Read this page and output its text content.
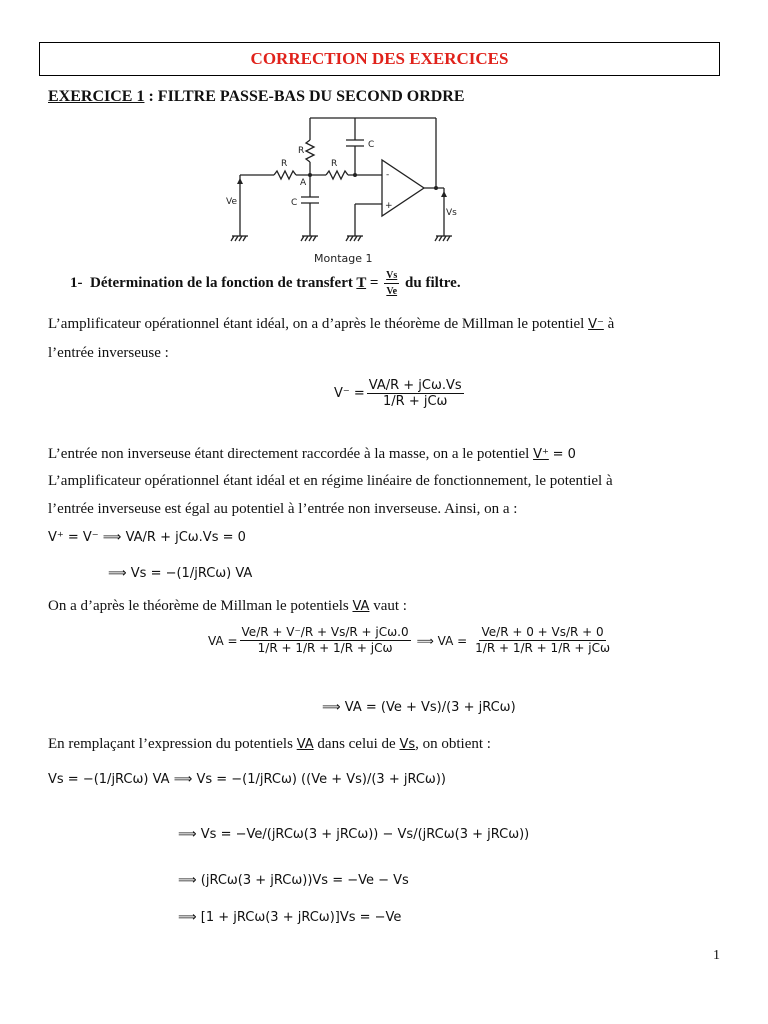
CORRECTION DES EXERCICES
EXERCICE 1 : FILTRE PASSE-BAS DU SECOND ORDRE
R
R	R
C
C
A
Ve
Vs
-
+
Montage 1
1- Détermination de la fonction de transfert $T = \frac{Vs}{Ve}$ du filtre.
L’amplificateur opérationnel étant idéal, on a d’après le théorème de Millman le potentiel V⁻ à
l’entrée inverseuse :
$V^- = \frac{\text{VA/R + jCω.Vs}}{\text{1/R + jCω}}$
L’entrée non inverseuse étant directement raccordée à la masse, on a le potentiel V⁺ = 0
L’amplificateur opérationnel étant idéal et en régime linéaire de fonctionnement, le potentiel à
l’entrée inverseuse est égal au potentiel à l’entrée non inverseuse. Ainsi, on a :
V⁺ = V⁻ ⟹ VA/R + jCω.Vs = 0
⟹ Vs = −(1/jRCω) VA
On a d’après le théorème de Millman le potentiels VA vaut :
VA = $\frac{\text{Ve/R + V⁻/R + Vs/R + jCω.0}}{\text{1/R + 1/R + 1/R + jCω}}$ ⟹ VA = $\frac{Ve/R + 0 + Vs/R + 0}{\text{1/R + 1/R + 1/R + jCω}}$
⟹ VA = (Ve + Vs)/(3 + jRCω)
En remplaçant l’expression du potentiels VA dans celui de Vs, on obtient :
Vs = −(1/jRCω) VA ⟹ Vs = −(1/jRCω) ((Ve + Vs)/(3 + jRCω))
⟹ Vs = −Ve/(jRCω(3 + jRCω)) − Vs/(jRCω(3 + jRCω))
⟹ (jRCω(3 + jRCω))Vs = −Ve − Vs
⟹ [1 + jRCω(3 + jRCω)]Vs = −Ve
1
